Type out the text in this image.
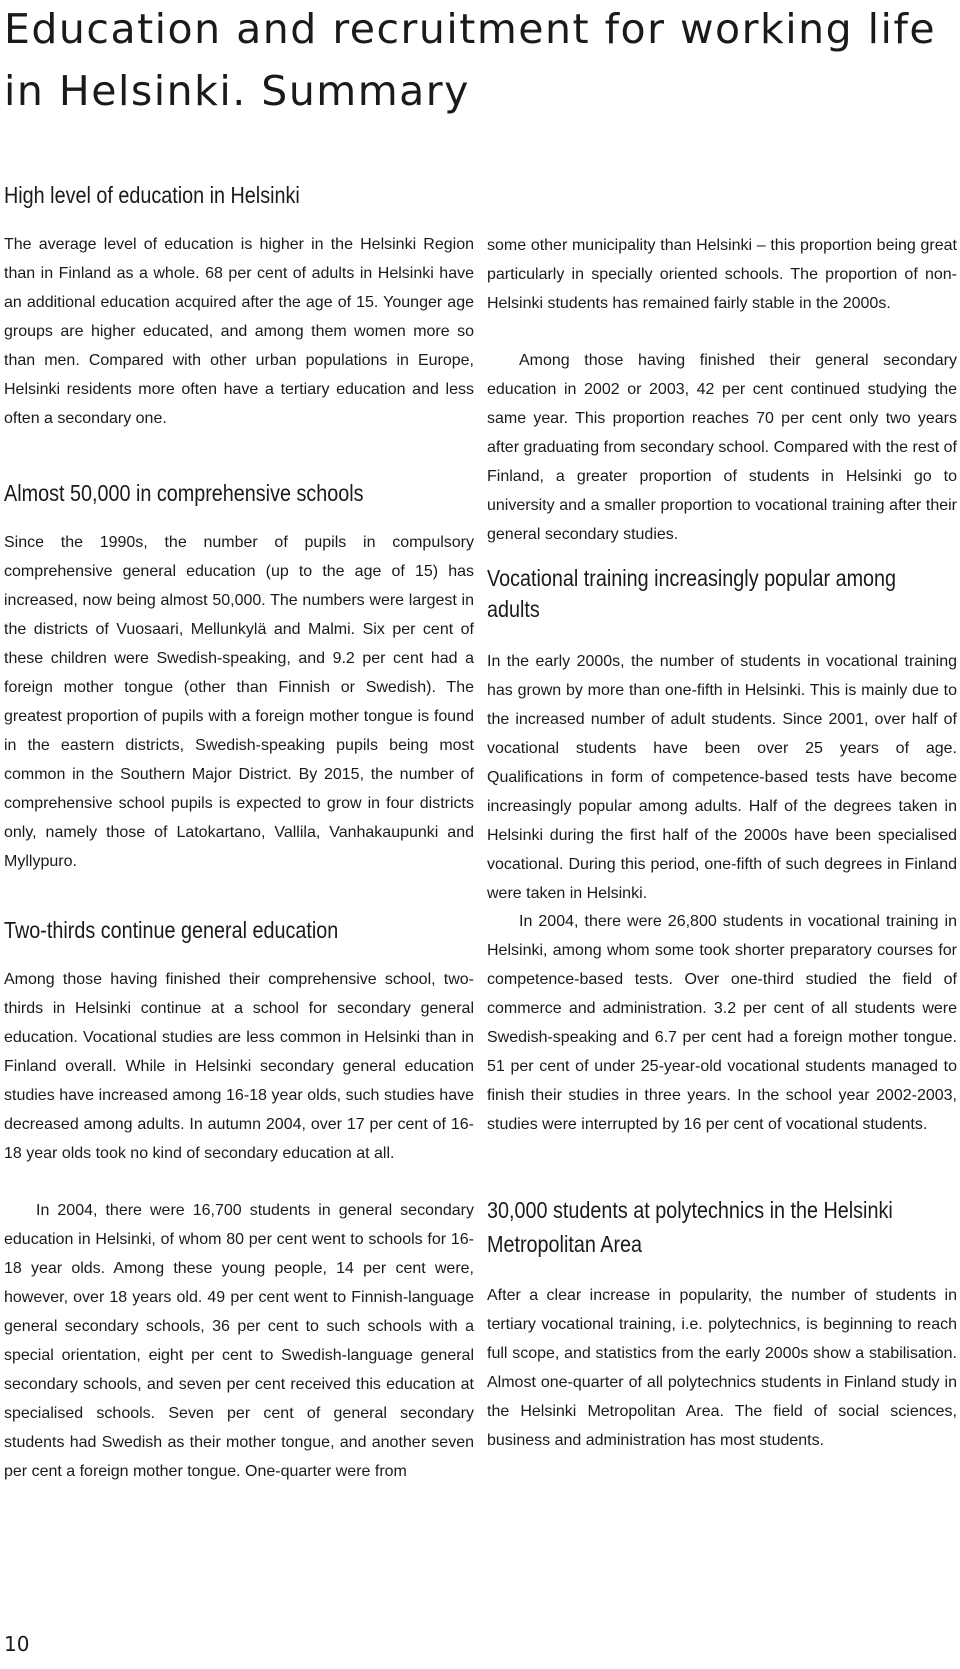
Education and recruitment for working life in Helsinki. Summary
High level of education in Helsinki

The average level of education is higher in the Helsinki Region than in Finland as a whole. 68 per cent of adults in Helsinki have an additional education acquired after the age of 15. Younger age groups are higher educated, and among them women more so than men. Compared with other urban populations in Europe, Helsinki residents more often have a tertiary education and less often a secondary one.

Almost 50,000 in comprehensive schools

Since the 1990s, the number of pupils in compulsory comprehensive general education (up to the age of 15) has increased, now being almost 50,000. The numbers were largest in the districts of Vuosaari, Mellunkylä and Malmi. Six per cent of these children were Swedish-speaking, and 9.2 per cent had a foreign mother tongue (other than Finnish or Swedish). The greatest proportion of pupils with a foreign mother tongue is found in the eastern districts, Swedish-speaking pupils being most common in the Southern Major District. By 2015, the number of comprehensive school pupils is expected to grow in four districts only, namely those of Latokartano, Vallila, Vanhakaupunki and Myllypuro.

Two-thirds continue general education

Among those having finished their comprehensive school, two-thirds in Helsinki continue at a school for secondary general education. Vocational studies are less common in Helsinki than in Finland overall. While in Helsinki secondary general education studies have increased among 16-18 year olds, such studies have decreased among adults. In autumn 2004, over 17 per cent of 16-18 year olds took no kind of secondary education at all.

In 2004, there were 16,700 students in general secondary education in Helsinki, of whom 80 per cent went to schools for 16-18 year olds. Among these young people, 14 per cent were, however, over 18 years old. 49 per cent went to Finnish-language general secondary schools, 36 per cent to such schools with a special orientation, eight per cent to Swedish-language general secondary schools, and seven per cent received this education at specialised schools. Seven per cent of general secondary students had Swedish as their mother tongue, and another seven per cent a foreign mother tongue. One-quarter were from

some other municipality than Helsinki – this proportion being great particularly in specially oriented schools. The proportion of non-Helsinki students has remained fairly stable in the 2000s.

Among those having finished their general secondary education in 2002 or 2003, 42 per cent continued studying the same year. This proportion reaches 70 per cent only two years after graduating from secondary school. Compared with the rest of Finland, a greater proportion of students in Helsinki go to university and a smaller proportion to vocational training after their general secondary studies.

Vocational training increasingly popular among
adults

In the early 2000s, the number of students in vocational training has grown by more than one-fifth in Helsinki. This is mainly due to the increased number of adult students. Since 2001, over half of vocational students have been over 25 years of age. Qualifications in form of competence-based tests have become increasingly popular among adults. Half of the degrees taken in Helsinki during the first half of the 2000s have been specialised vocational. During this period, one-fifth of such degrees in Finland were taken in Helsinki.

In 2004, there were 26,800 students in vocational training in Helsinki, among whom some took shorter preparatory courses for competence-based tests. Over one-third studied the field of commerce and administration. 3.2 per cent of all students were Swedish-speaking and 6.7 per cent had a foreign mother tongue. 51 per cent of under 25-year-old vocational students managed to finish their studies in three years. In the school year 2002-2003, studies were interrupted by 16 per cent of vocational students.

30,000 students at polytechnics in the Helsinki
Metropolitan Area

After a clear increase in popularity, the number of students in tertiary vocational training, i.e. polytechnics, is beginning to reach full scope, and statistics from the early 2000s show a stabilisation. Almost one-quarter of all polytechnics students in Finland study in the Helsinki Metropolitan Area. The field of social sciences, business and administration has most students.

10
